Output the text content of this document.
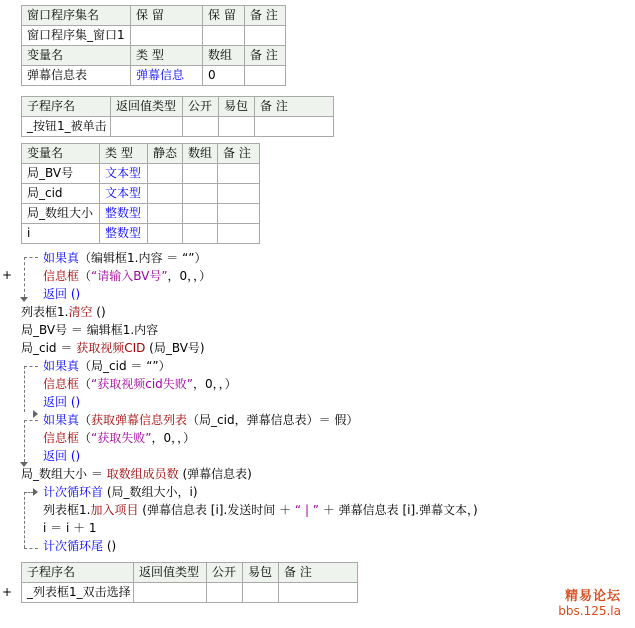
窗口程序集名	保 留	保 留	备 注
窗口程序集_窗口1			
变量名	类 型	数组	备 注
弹幕信息表	弹幕信息	0	
子程序名	返回值类型	公开	易包	备 注
_按钮1_被单击				
变量名	类 型	静态	数组	备 注
局_BV号	文本型			
局_cid	文本型			
局_数组大小	整数型			
i	整数型			
+
如果真（编辑框1.内容 ＝ “”）
信息框（“请输入BV号”，0，，）
返回 ()
列表框1.清空 ()
局_BV号 ＝ 编辑框1.内容
局_cid ＝ 获取视频CID (局_BV号)
如果真（局_cid ＝ “”）
信息框（“获取视频cid失败”，0，，）
返回 ()
如果真（获取弹幕信息列表（局_cid，弹幕信息表）＝ 假）
信息框（“获取失败”，0，，）
返回 ()
局_数组大小 ＝ 取数组成员数 (弹幕信息表)
计次循环首 (局_数组大小，i)
列表框1.加入项目 (弹幕信息表 [i].发送时间 ＋ “ | ” ＋ 弹幕信息表 [i].弹幕文本，)
i ＝ i ＋ 1
计次循环尾 ()
+
子程序名	返回值类型	公开	易包	备 注
_列表框1_双击选择					精易论坛
bbs.125.la
